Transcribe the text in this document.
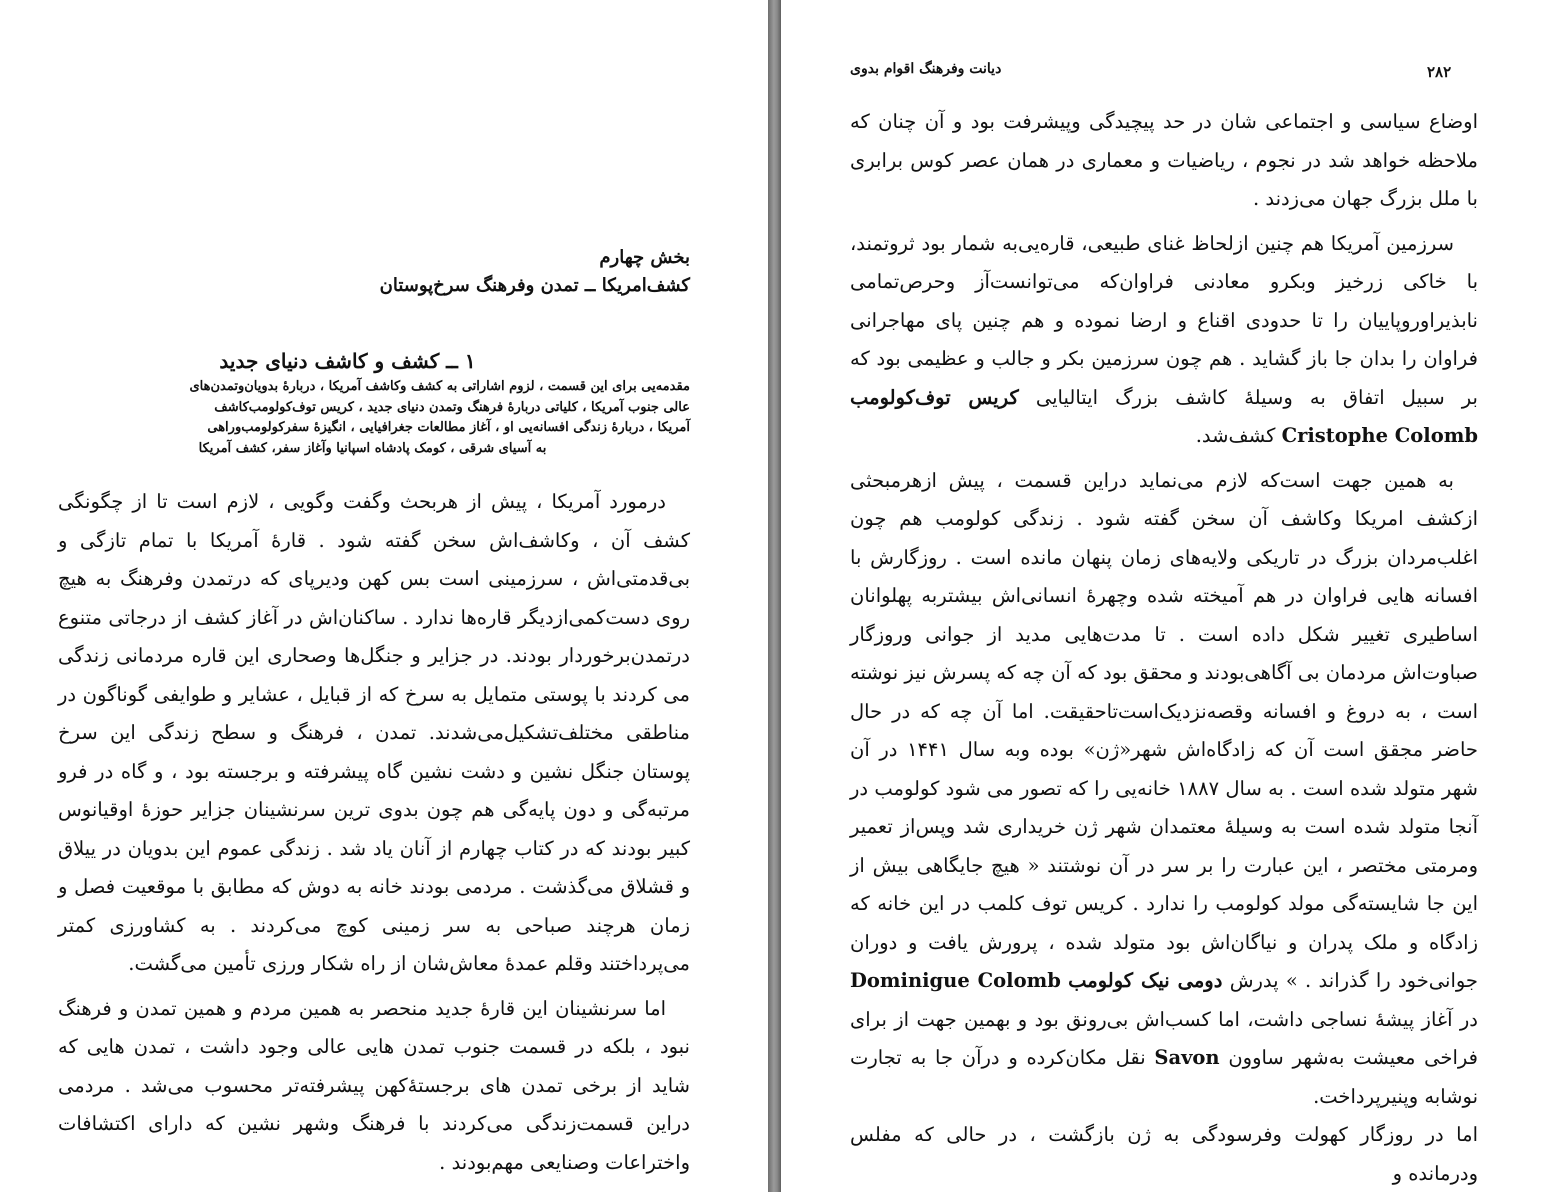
بخش چهارم
کشف‌امریکا ــ تمدن وفرهنگ سرخ‌پوستان
۱ ــ کشف و کاشف دنیای جدید
مقدمه‌یی برای این قسمت ، لزوم اشاراتی به کشف وکاشف آمریکا ، دربارهٔ بدویان‌وتمدن‌های
عالی جنوب آمریکا ، کلیاتی دربارهٔ فرهنگ وتمدن دنیای جدید ، کریس توف‌کولومب‌کاشف
آمریکا ، دربارهٔ زندگی افسانه‌یی او ، آغاز مطالعات جغرافیایی ، انگیزهٔ سفرکولومب‌وراهی
به آسیای شرقی ، کومک پادشاه اسپانیا وآغاز سفر، کشف آمریکا

درمورد آمریکا ، پیش از هربحث وگفت وگویی ، لازم است تا از چگونگی کشف آن ، وکاشف‌اش سخن گفته شود . قارهٔ آمریکا با تمام تازگی و بی‌قدمتی‌اش ، سرزمینی است بس کهن ودیرپای که درتمدن وفرهنگ به هیچ روی دست‌کمی‌ازدیگر قاره‌ها ندارد . ساکنان‌اش در آغاز کشف از درجاتی متنوع درتمدن‌برخوردار بودند. در جزایر و جنگل‌ها وصحاری این قاره مردمانی زندگی می کردند با پوستی متمایل به سرخ که از قبایل ، عشایر و طوایفی گوناگون در مناطقی مختلف‌تشکیل‌می‌شدند. تمدن ، فرهنگ و سطح زندگی این سرخ پوستان جنگل نشین و دشت نشین گاه پیشرفته و برجسته بود ، و گاه در فرو مرتبه‌گی و دون پایه‌گی هم چون بدوی ترین سرنشینان جزایر حوزهٔ اوقیانوس کبیر بودند که در کتاب چهارم از آنان یاد شد . زندگی عموم این بدویان در ییلاق و قشلاق می‌گذشت . مردمی بودند خانه به دوش که مطابق با موقعیت فصل و زمان هرچند صباحی به سر زمینی کوچ می‌کردند . به کشاورزی کمتر می‌پرداختند وقلم عمدهٔ معاش‌شان از راه شکار ورزی تأمین می‌گشت.

اما سرنشینان این قارهٔ جدید منحصر به همین مردم و همین تمدن و فرهنگ نبود ، بلکه در قسمت جنوب تمدن هایی عالی وجود داشت ، تمدن هایی که شاید از برخی تمدن های برجستهٔ‌کهن پیشرفته‌تر محسوب می‌شد . مردمی دراین قسمت‌زندگی می‌کردند با فرهنگ وشهر نشین که دارای اکتشافات واختراعات وصنایعی مهم‌بودند .

۲۸۲
دیانت وفرهنگ اقوام بدوی

اوضاع سیاسی و اجتماعی شان در حد پیچیدگی وپیشرفت بود و آن چنان که ملاحظه خواهد شد در نجوم ، ریاضیات و معماری در همان عصر کوس برابری با ملل بزرگ جهان می‌زدند .

سرزمین آمریکا هم چنین ازلحاظ غنای طبیعی، قاره‌یی‌به شمار بود ثروتمند، با خاکی زرخیز وبکرو معادنی فراوان‌که می‌توانست‌آز وحرص‌تمامی نابذیراوروپاییان را تا حدودی اقناع و ارضا نموده و هم چنین پای مهاجرانی فراوان را بدان جا باز گشاید . هم چون سرزمین بکر و جالب و عظیمی بود که بر سبیل اتفاق به وسیلهٔ کاشف بزرگ ایتالیایی کریس توف‌کولومب Cristophe Colomb کشف‌شد.

به همین جهت است‌که لازم می‌نماید دراین قسمت ، پیش ازهرمبحثی ازکشف امریکا وکاشف آن سخن گفته شود . زندگی کولومب هم چون اغلب‌مردان بزرگ در تاریکی ولایه‌های زمان پنهان مانده است . روزگارش با افسانه هایی فراوان در هم آمیخته شده وچهرهٔ انسانی‌اش بیشتربه پهلوانان اساطیری تغییر شکل داده است . تا مدت‌هایی مدید از جوانی وروزگار صباوت‌اش مردمان بی آگاهی‌بودند و محقق بود که آن چه که پسرش نیز نوشته است ، به دروغ و افسانه وقصه‌نزدیک‌است‌تاحقیقت. اما آن چه که در حال حاضر مجقق است آن که زادگاه‌اش شهر«ژن» بوده وبه سال ۱۴۴۱ در آن شهر متولد شده است . به سال ۱۸۸۷ خانه‌یی را که تصور می شود کولومب در آنجا متولد شده است به وسیلهٔ معتمدان شهر ژن خریداری شد وپس‌از تعمیر ومرمتی مختصر ، این عبارت را بر سر در آن نوشتند « هیچ جایگاهی بیش از این جا شایسته‌گی مولد کولومب را ندارد . کریس توف کلمب در این خانه که زادگاه و ملک پدران و نیاگان‌اش بود متولد شده ، پرورش یافت و دوران جوانی‌خود را گذراند . » پدرش دومی نیک کولومب Dominigue Colomb در آغاز پیشهٔ نساجی داشت، اما کسب‌اش بی‌رونق بود و بهمین جهت از برای فراخی معیشت به‌شهر ساوون Savon نقل مکان‌کرده و درآن جا به تجارت نوشابه وپنیرپرداخت.

اما در روزگار کهولت وفرسودگی به ژن بازگشت ، در حالی که مفلس ودرمانده و
